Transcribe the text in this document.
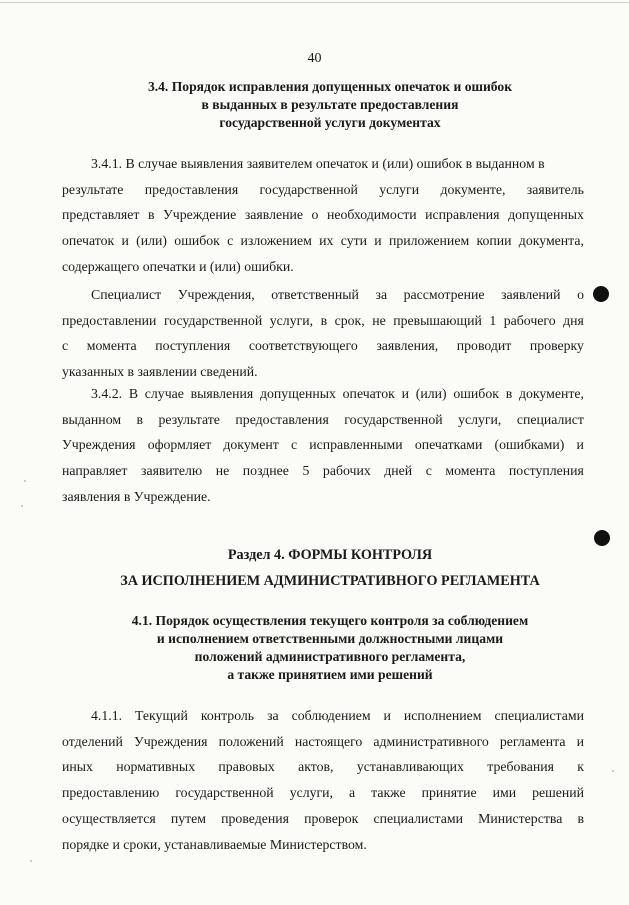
40
3.4. Порядок исправления допущенных опечаток и ошибок
в выданных в результате предоставления
государственной услуги документах
3.4.1. В случае выявления заявителем опечаток и (или) ошибок в выданном в
результате предоставления государственной услуги документе, заявитель
представляет в Учреждение заявление о необходимости исправления допущенных
опечаток и (или) ошибок с изложением их сути и приложением копии документа,
содержащего опечатки и (или) ошибки.
Специалист Учреждения, ответственный за рассмотрение заявлений о
предоставлении государственной услуги, в срок, не превышающий 1 рабочего дня
с момента поступления соответствующего заявления, проводит проверку
указанных в заявлении сведений.
3.4.2. В случае выявления допущенных опечаток и (или) ошибок в документе,
выданном в результате предоставления государственной услуги, специалист
Учреждения оформляет документ с исправленными опечатками (ошибками) и
направляет заявителю не позднее 5 рабочих дней с момента поступления
заявления в Учреждение.
Раздел 4. ФОРМЫ КОНТРОЛЯ
ЗА ИСПОЛНЕНИЕМ АДМИНИСТРАТИВНОГО РЕГЛАМЕНТА
4.1. Порядок осуществления текущего контроля за соблюдением
и исполнением ответственными должностными лицами
положений административного регламента,
а также принятием ими решений
4.1.1. Текущий контроль за соблюдением и исполнением специалистами
отделений Учреждения положений настоящего административного регламента и
иных нормативных правовых актов, устанавливающих требования к
предоставлению государственной услуги, а также принятие ими решений
осуществляется путем проведения проверок специалистами Министерства в
порядке и сроки, устанавливаемые Министерством.
